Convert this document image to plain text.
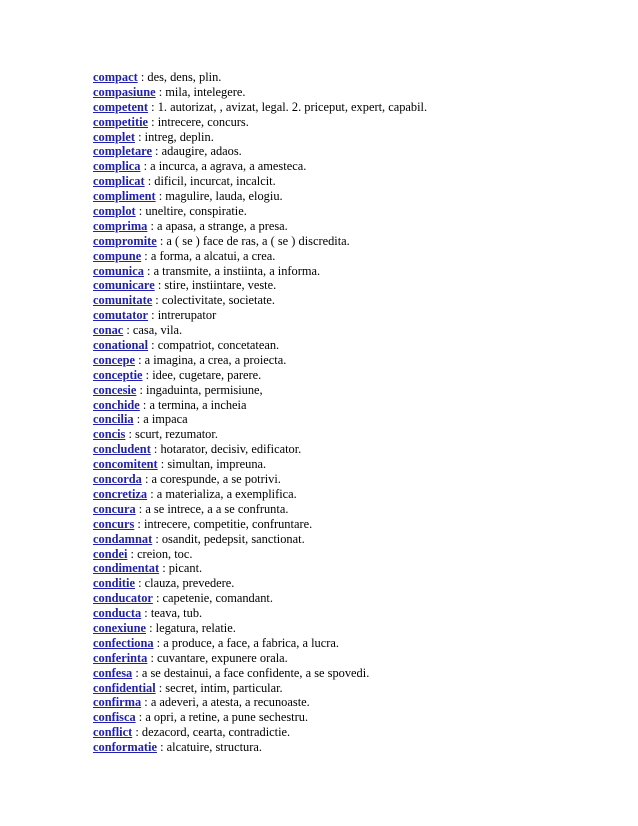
compact : des, dens, plin.
compasiune : mila, intelegere.
competent : 1. autorizat, , avizat, legal. 2. priceput, expert, capabil.
competitie : intrecere, concurs.
complet : intreg, deplin.
completare : adaugire, adaos.
complica : a incurca, a agrava, a amesteca.
complicat : dificil, incurcat, incalcit.
compliment : magulire, lauda, elogiu.
complot : uneltire, conspiratie.
comprima : a apasa, a strange, a presa.
compromite : a ( se ) face de ras, a ( se ) discredita.
compune : a forma, a alcatui, a crea.
comunica : a transmite, a instiinta, a informa.
comunicare : stire, instiintare, veste.
comunitate : colectivitate, societate.
comutator : intrerupator
conac : casa, vila.
conational : compatriot, concetatean.
concepe : a imagina, a crea, a proiecta.
conceptie : idee, cugetare, parere.
concesie : ingaduinta, permisiune,
conchide : a termina, a incheia
concilia : a impaca
concis : scurt, rezumator.
concludent : hotarator, decisiv, edificator.
concomitent : simultan, impreuna.
concorda : a corespunde, a se potrivi.
concretiza : a materializa, a exemplifica.
concura : a se intrece, a a se confrunta.
concurs : intrecere, competitie, confruntare.
condamnat : osandit, pedepsit, sanctionat.
condei : creion, toc.
condimentat : picant.
conditie : clauza, prevedere.
conducator : capetenie, comandant.
conducta : teava, tub.
conexiune : legatura, relatie.
confectiona : a produce, a face, a fabrica, a lucra.
conferinta : cuvantare, expunere orala.
confesa : a se destainui, a face confidente, a se spovedi.
confidential : secret, intim, particular.
confirma : a adeveri, a atesta, a recunoaste.
confisca : a opri, a retine, a pune sechestru.
conflict : dezacord, cearta, contradictie.
conformatie : alcatuire, structura.
